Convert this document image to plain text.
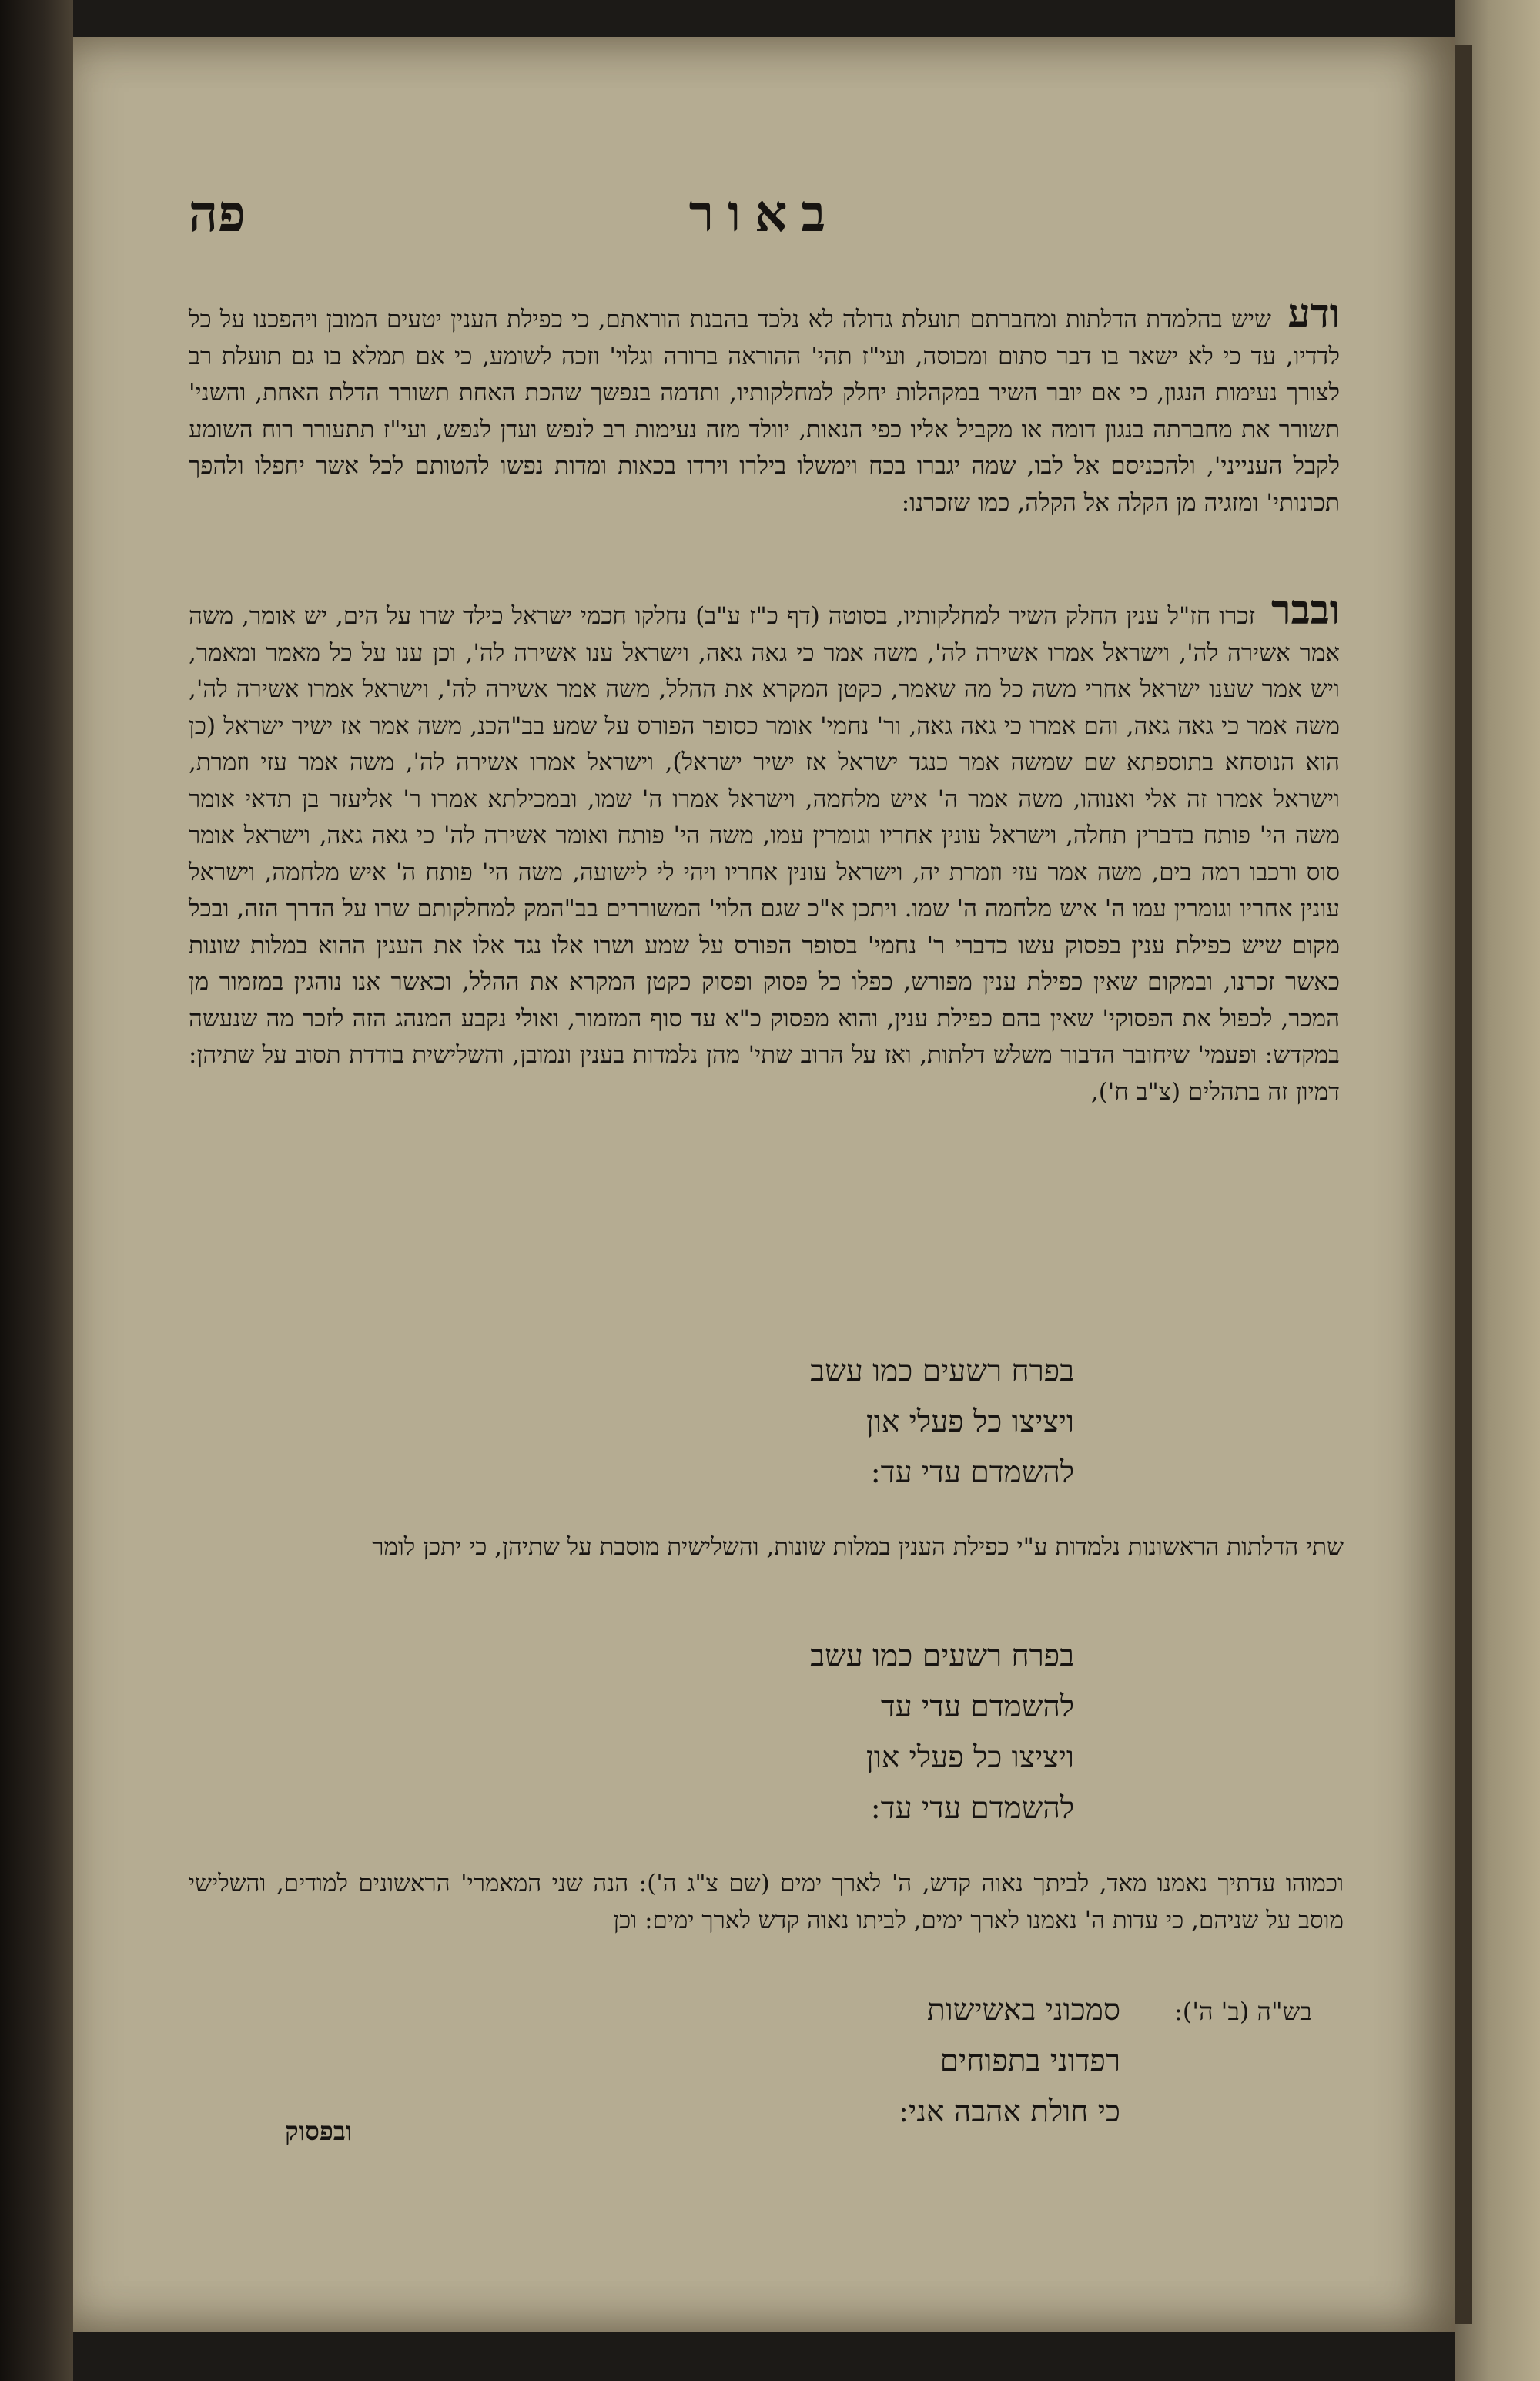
באור
פה
ודע שיש בהלמדת הדלתות ומחברתם תועלת גדולה לא נלכד בהבנת הוראתם, כי כפילת הענין יטעים המובן ויהפכנו על כל לדדיו, עד כי לא ישאר בו דבר סתום ומכוסה, ועי"ז תהי' ההוראה ברורה וגלוי' וזכה לשומע, כי אם תמלא בו גם תועלת רב לצורך נעימות הנגון, כי אם יובר השיר במקהלות יחלק למחלקותיו, ותדמה בנפשך שהכת האחת תשורר הדלת האחת, והשני' תשורר את מחברתה בנגון דומה או מקביל אליו כפי הנאות, יוולד מזה נעימות רב לנפש ועדן לנפש, ועי"ז תתעורר רוח השומע לקבל הענייני', ולהכניסם אל לבו, שמה יגברו בכח וימשלו בילרו וירדו בכאות ומדות נפשו להטותם לכל אשר יחפלו ולהפך תכונותי' ומזגיה מן הקלה אל הקלה, כמו שזכרנו:
ובבר זכרו חז"ל ענין החלק השיר למחלקותיו, בסוטה (דף כ"ז ע"ב) נחלקו חכמי ישראל כילד שרו על הים, יש אומר, משה אמר אשירה לה', וישראל אמרו אשירה לה', משה אמר כי גאה גאה, וישראל ענו אשירה לה', וכן ענו על כל מאמר ומאמר, ויש אמר שענו ישראל אחרי משה כל מה שאמר, כקטן המקרא את ההלל, משה אמר אשירה לה', וישראל אמרו אשירה לה', משה אמר כי גאה גאה, והם אמרו כי גאה גאה, ור' נחמי' אומר כסופר הפורס על שמע בב"הכנ, משה אמר אז ישיר ישראל (כן הוא הנוסחא בתוספתא שם שמשה אמר כנגד ישראל אז ישיר ישראל), וישראל אמרו אשירה לה', משה אמר עזי וזמרת, וישראל אמרו זה אלי ואנוהו, משה אמר ה' איש מלחמה, וישראל אמרו ה' שמו, ובמכילתא אמרו ר' אליעזר בן תדאי אומר משה הי' פותח בדברין תחלה, וישראל עונין אחריו וגומרין עמו, משה הי' פותח ואומר אשירה לה' כי גאה גאה, וישראל אומר סוס ורכבו רמה בים, משה אמר עזי וזמרת יה, וישראל עונין אחריו ויהי לי לישועה, משה הי' פותח ה' איש מלחמה, וישראל עונין אחריו וגומרין עמו ה' איש מלחמה ה' שמו. ויתכן א"כ שגם הלוי' המשוררים בב"המק למחלקותם שרו על הדרך הזה, ובכל מקום שיש כפילת ענין בפסוק עשו כדברי ר' נחמי' בסופר הפורס על שמע ושרו אלו נגד אלו את הענין ההוא במלות שונות כאשר זכרנו, ובמקום שאין כפילת ענין מפורש, כפלו כל פסוק ופסוק כקטן המקרא את ההלל, וכאשר אנו נוהגין במזמור מן המכר, לכפול את הפסוקי' שאין בהם כפילת ענין, והוא מפסוק כ"א עד סוף המזמור, ואולי נקבע המנהג הזה לזכר מה שנעשה במקדש: ופעמי' שיחובר הדבור משלש דלתות, ואז על הרוב שתי' מהן נלמדות בענין ונמובן, והשלישית בודדת תסוב על שתיהן: דמיון זה בתהלים (צ"ב ח'),
בפרח רשעים כמו עשב
ויציצו כל פעלי און
להשמדם עדי עד:
שתי הדלתות הראשונות נלמדות ע"י כפילת הענין במלות שונות, והשלישית מוסבת על שתיהן, כי יתכן לומר
בפרח רשעים כמו עשב
להשמדם עדי עד
ויציצו כל פעלי און
להשמדם עדי עד:
וכמוהו עדתיך נאמנו מאד, לביתך נאוה קדש, ה' לארך ימים (שם צ"ג ה'): הנה שני המאמרי' הראשונים למודים, והשלישי מוסב על שניהם, כי עדות ה' נאמנו לארך ימים, לביתו נאוה קדש לארך ימים: וכן
בש"ה (ב' ה'):
סמכוני באשישות
רפדוני בתפוחים
כי חולת אהבה אני:
ובפסוק
